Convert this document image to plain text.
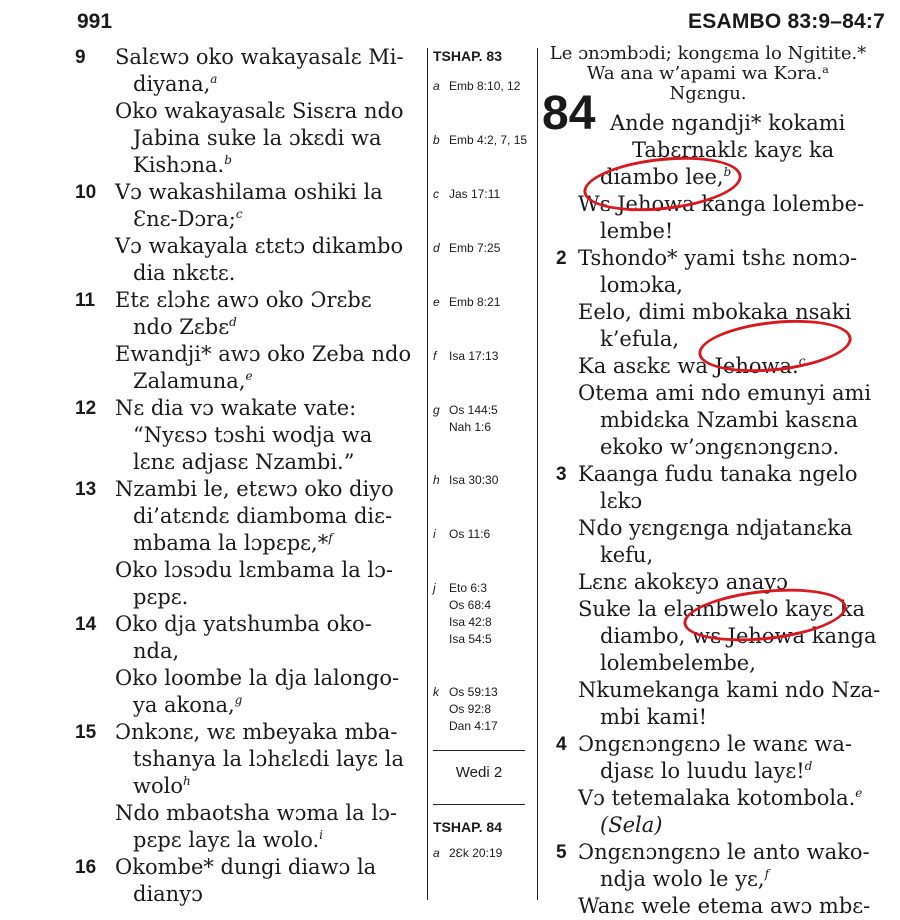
991	ESAMBO 83:9–84:7
9	Salɛwɔ oko wakayasalɛ Mi-
diyana,$^a$
Oko wakayasalɛ Sisɛra ndo
Jabina suke la ɔkɛdi wa
Kishɔna.$^b$
10 Vɔ wakashilama oshiki la
Ɛnɛ-Dɔra;$^c$
Vɔ wakayala ɛtɛtɔ dikambo
dia nkɛtɛ.
11 Etɛ ɛlɔhɛ awɔ oko Ɔrɛbɛ
ndo Zɛbɛ$^d$
Ewandji* awɔ oko Zeba ndo
Zalamuna,$^e$
12 Nɛ dia vɔ wakate vate:
“Nyɛsɔ tɔshi wodja wa
lɛnɛ adjasɛ Nzambi.”
13 Nzambi le, etɛwɔ oko diyo
di’atɛndɛ diamboma diɛ-
mbama la lɔpɛpɛ,*$^f$
Oko lɔsɔdu lɛmbama la lɔ-
pɛpɛ.
14 Oko dja yatshumba oko-
nda,
Oko loombe la dja lalongo-
ya akona,$^g$
15 Ɔnkɔnɛ, wɛ mbeyaka mba-
tshanya la lɔhɛlɛdi layɛ la
wolo$^h$
Ndo mbaotsha wɔma la lɔ-
pɛpɛ layɛ la wolo.$^i$
16 Okombe* dungi diawɔ la
dianyɔ
TSHAP. 83
a Emb 8:10, 12
b Emb 4:2, 7, 15
c Jas 17:11
d Emb 7:25
e Emb 8:21
f Isa 17:13
g Os 144:5
Nah 1:6
h Isa 30:30
i Os 11:6
j Eto 6:3
Os 68:4
Isa 42:8
Isa 54:5
k Os 59:13
Os 92:8
Dan 4:17
Wedi 2
TSHAP. 84
a 2Ɛk 20:19
Le ɔnɔmbɔdi; kongɛma lo Ngitite.*
Wa ana w’apami wa Kɔra.ᵃ Ngɛngu.
84 Ande ngandji* kokami
Tabɛrnaklɛ kayɛ ka
diambo lee,$^b$
Wɛ Jehowa kanga lolembe-
lembe!
2 Tshondo* yami tshɛ nomɔ-
lomɔka,
Eelo, dimi mbokaka nsaki
k’efula,
Ka asɛkɛ wa Jehowa.$^c$
Otema ami ndo emunyi ami
mbidɛka Nzambi kasɛna
ekoko w’ɔngɛnɔngɛnɔ.
3 Kaanga fudu tanaka ngelo
lɛkɔ
Ndo yɛngɛnga ndjatanɛka
kefu,
Lɛnɛ akokɛyɔ anayɔ
Suke la elambwelo kayɛ ka
diambo, wɛ Jehowa kanga
lolembelembe,
Nkumekanga kami ndo Nza-
mbi kami!
4 Ɔngɛnɔngɛnɔ le wanɛ wa-
djasɛ lo luudu layɛ!$^d$
Vɔ tetemalaka kotombola.$^e$
(Sela)
5 Ɔngɛnɔngɛnɔ le anto wako-
ndja wolo le yɛ,$^f$
Wanɛ wele etema awɔ mbɛ-
